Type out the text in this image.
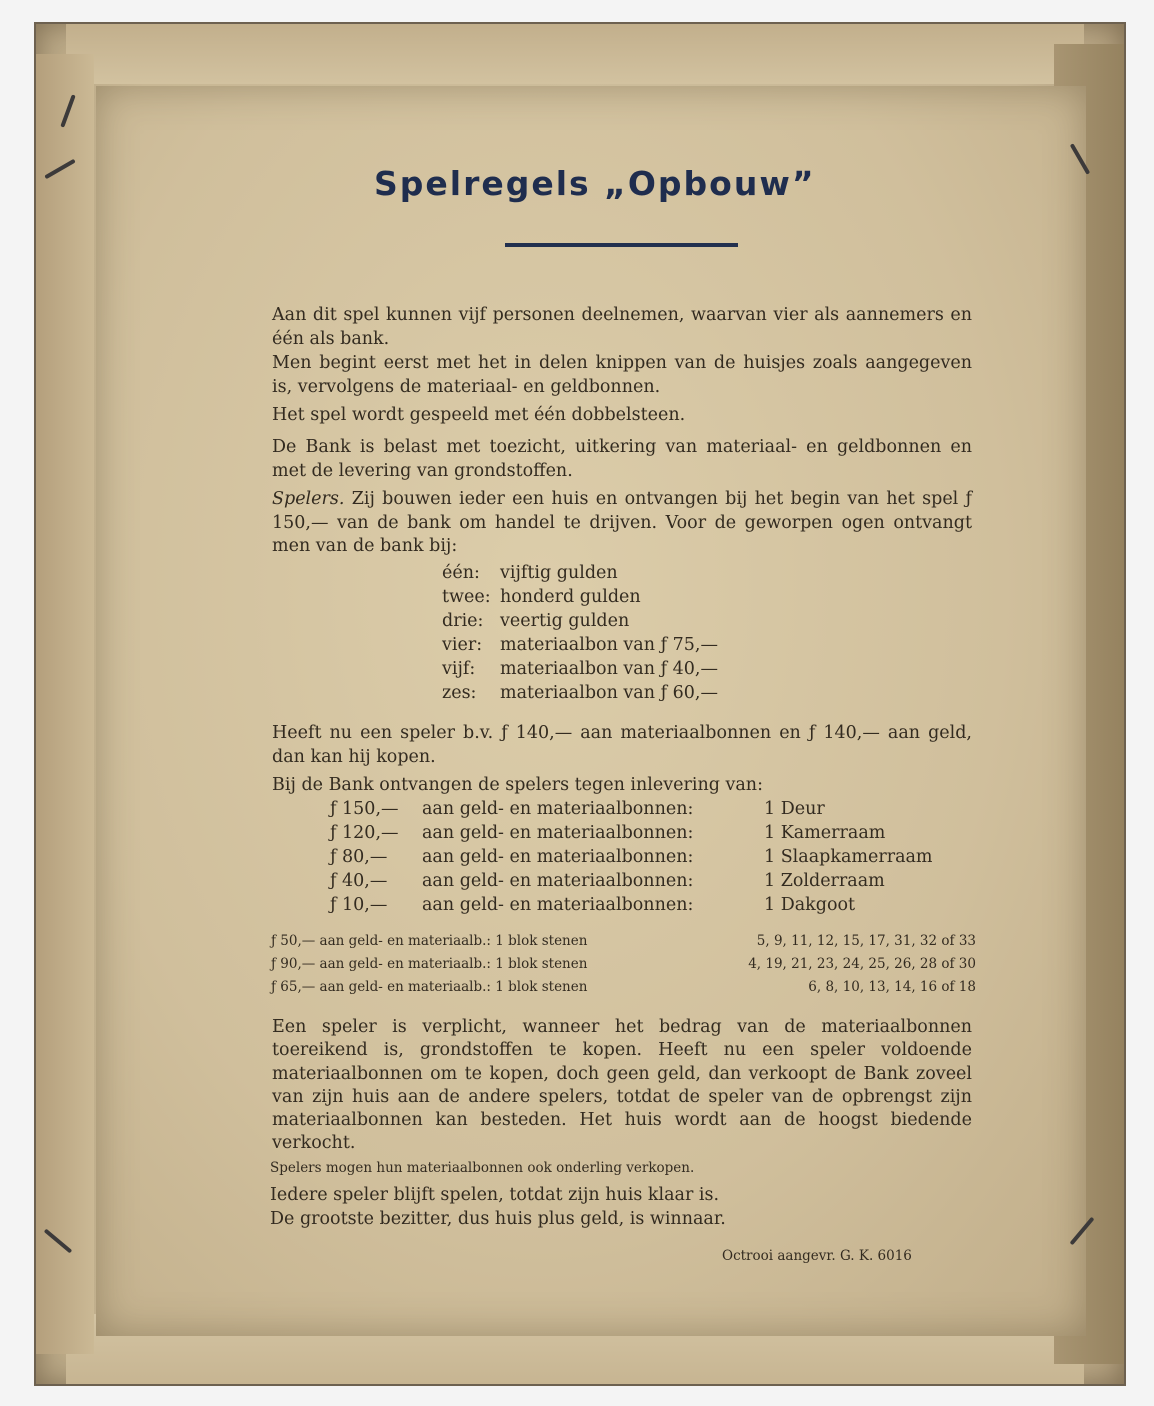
Spelregels „Opbouw”

Aan dit spel kunnen vijf personen deelnemen, waarvan vier als aannemers en één als bank.

Men begint eerst met het in delen knippen van de huisjes zoals aangegeven is, vervolgens de materiaal- en geldbonnen.

Het spel wordt gespeeld met één dobbelsteen.

De Bank is belast met toezicht, uitkering van materiaal- en geldbonnen en met de levering van grondstoffen.

Spelers. Zij bouwen ieder een huis en ontvangen bij het begin van het spel ƒ 150,— van de bank om handel te drijven. Voor de geworpen ogen ontvangt men van de bank bij:

één: vijftig gulden
twee: honderd gulden
drie: veertig gulden
vier: materiaalbon van ƒ 75,—
vijf: materiaalbon van ƒ 40,—
zes: materiaalbon van ƒ 60,—

Heeft nu een speler b.v. ƒ 140,— aan materiaalbonnen en ƒ 140,— aan geld, dan kan hij kopen.

Bij de Bank ontvangen de spelers tegen inlevering van:
ƒ 150,— aan geld- en materiaalbonnen:	1 Deur
ƒ 120,— aan geld- en materiaalbonnen:	1 Kamerraam
ƒ 80,— aan geld- en materiaalbonnen:	1 Slaapkamerraam
ƒ 40,— aan geld- en materiaalbonnen:	1 Zolderraam
ƒ 10,— aan geld- en materiaalbonnen:	1 Dakgoot
ƒ 50,— aan geld- en materiaalb.: 1 blok stenen	5, 9, 11, 12, 15, 17, 31, 32 of 33
ƒ 90,— aan geld- en materiaalb.: 1 blok stenen	4, 19, 21, 23, 24, 25, 26, 28 of 30
ƒ 65,— aan geld- en materiaalb.: 1 blok stenen	6, 8, 10, 13, 14, 16 of 18

Een speler is verplicht, wanneer het bedrag van de materiaalbonnen toereikend is, grondstoffen te kopen. Heeft nu een speler voldoende materiaalbonnen om te kopen, doch geen geld, dan verkoopt de Bank zoveel van zijn huis aan de andere spelers, totdat de speler van de opbrengst zijn materiaalbonnen kan besteden. Het huis wordt aan de hoogst biedende verkocht.

Spelers mogen hun materiaalbonnen ook onderling verkopen.
Iedere speler blijft spelen, totdat zijn huis klaar is.
De grootste bezitter, dus huis plus geld, is winnaar.
Octrooi aangevr. G. K. 6016
